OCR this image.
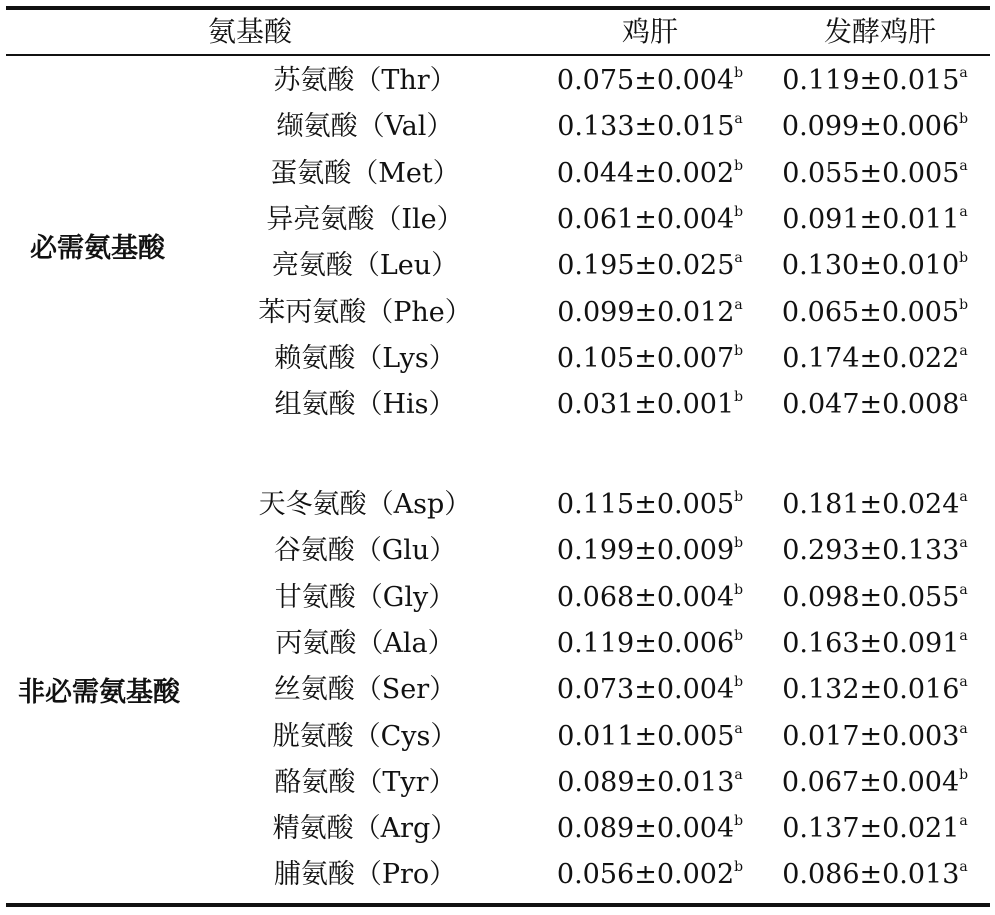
氨基酸	鸡肝	发酵鸡肝
必需氨基酸
苏氨酸（Thr）	0.075±0.004$^b$	0.119±0.015$^a$
缬氨酸（Val）	0.133±0.015$^a$	0.099±0.006$^b$
蛋氨酸（Met）	0.044±0.002$^b$	0.055±0.005$^a$
异亮氨酸（Ile）	0.061±0.004$^b$	0.091±0.011$^a$
亮氨酸（Leu）	0.195±0.025$^a$	0.130±0.010$^b$
苯丙氨酸（Phe）	0.099±0.012$^a$	0.065±0.005$^b$
赖氨酸（Lys）	0.105±0.007$^b$	0.174±0.022$^a$
组氨酸（His）	0.031±0.001$^b$	0.047±0.008$^a$
非必需氨基酸
天冬氨酸（Asp）	0.115±0.005$^b$	0.181±0.024$^a$
谷氨酸（Glu）	0.199±0.009$^b$	0.293±0.133$^a$
甘氨酸（Gly）	0.068±0.004$^b$	0.098±0.055$^a$
丙氨酸（Ala）	0.119±0.006$^b$	0.163±0.091$^a$
丝氨酸（Ser）	0.073±0.004$^b$	0.132±0.016$^a$
胱氨酸（Cys）	0.011±0.005$^a$	0.017±0.003$^a$
酪氨酸（Tyr）	0.089±0.013$^a$	0.067±0.004$^b$
精氨酸（Arg）	0.089±0.004$^b$	0.137±0.021$^a$
脯氨酸（Pro）	0.056±0.002$^b$	0.086±0.013$^a$
